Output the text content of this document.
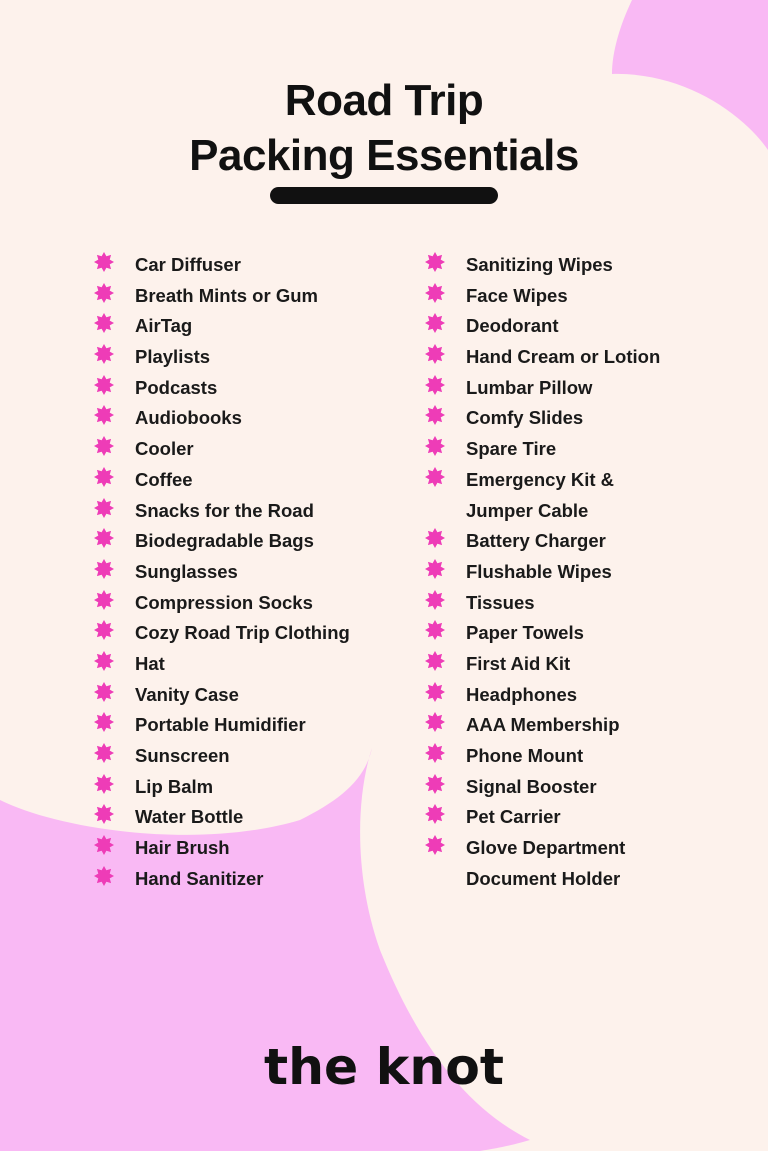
Road Trip
Packing Essentials
Car Diffuser
Breath Mints or Gum
AirTag
Playlists
Podcasts
Audiobooks
Cooler
Coffee
Snacks for the Road
Biodegradable Bags
Sunglasses
Compression Socks
Cozy Road Trip Clothing
Hat
Vanity Case
Portable Humidifier
Sunscreen
Lip Balm
Water Bottle
Hair Brush
Hand Sanitizer
Sanitizing Wipes
Face Wipes
Deodorant
Hand Cream or Lotion
Lumbar Pillow
Comfy Slides
Spare Tire
Emergency Kit &
Jumper Cable
Battery Charger
Flushable Wipes
Tissues
Paper Towels
First Aid Kit
Headphones
AAA Membership
Phone Mount
Signal Booster
Pet Carrier
Glove Department
Document Holder
the knot
